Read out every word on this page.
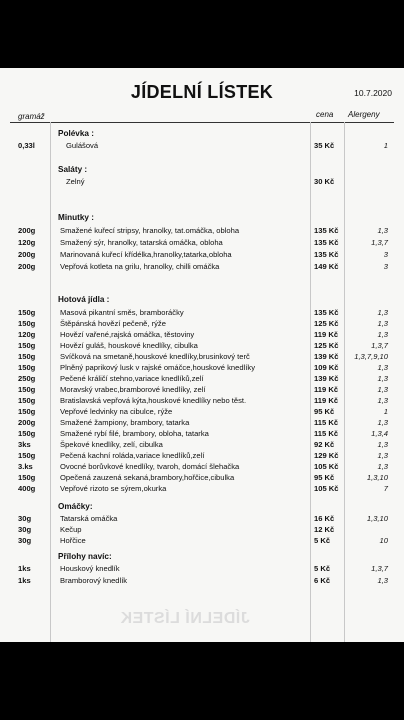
JÍDELNÍ LÍSTEK	10.7.2020
gramáž	cena Alergeny
Polévka :
0,33l	Gulášová	35 Kč	1
Saláty :
Zelný	30 Kč
Minutky :
200g	Smažené kuřecí stripsy, hranolky, tat.omáčka, obloha	135 Kč	1,3
120g	Smažený sýr, hranolky, tatarská omáčka, obloha	135 Kč	1,3,7
200g	Marinovaná kuřecí křídélka,hranolky,tatarka,obloha	135 Kč	3
200g	Vepřová kotleta na grilu, hranolky, chilli omáčka	149 Kč	3
Hotová jídla :
150g	Masová pikantní směs, bramboráčky	135 Kč	1,3
150g	Štěpánská hovězí pečeně, rýže	125 Kč	1,3
120g	Hovězí vařené,rajská omáčka, těstoviny	119 Kč	1,3
150g	Hovězí guláš, houskové knedlíky, cibulka	125 Kč	1,3,7
150g	Svíčková na smetaně,houskové knedlíky,brusinkový terč	139 Kč 1,3,7,9,10
150g	Plněný paprikový lusk v rajské omáčce,houskové knedlíky	109 Kč	1,3
250g	Pečené králičí stehno,variace knedlíků,zelí	139 Kč	1,3
150g	Moravský vrabec,bramborové knedlíky, zelí	119 Kč	1,3
150g	Bratislavská vepřová kýta,houskové knedlíky nebo těst.	119 Kč	1,3
150g	Vepřové ledvinky na cibulce, rýže	95 Kč	1
200g	Smažené žampiony, brambory, tatarka	115 Kč	1,3
150g	Smažené rybí filé, brambory, obloha, tatarka	115 Kč	1,3,4
3ks	Špekové knedlíky, zelí, cibulka	92 Kč	1,3
150g	Pečená kachní roláda,variace knedlíků,zelí	129 Kč	1,3
3.ks	Ovocné borůvkové knedlíky, tvaroh, domácí šlehačka	105 Kč	1,3
150g	Opečená zauzená sekaná,brambory,hořčice,cibulka	95 Kč	1,3,10
400g	Vepřové rizoto se sýrem,okurka	105 Kč	7
Omáčky:
30g	Tatarská omáčka	16 Kč	1,3,10
30g	Kečup	12 Kč
30g	Hořčice	5 Kč	10
Přílohy navíc:
1ks	Houskový knedlík	5 Kč	1,3,7
1ks	Bramborový knedlík	6 Kč	1,3
JÍDELNÍ LÍSTEK
